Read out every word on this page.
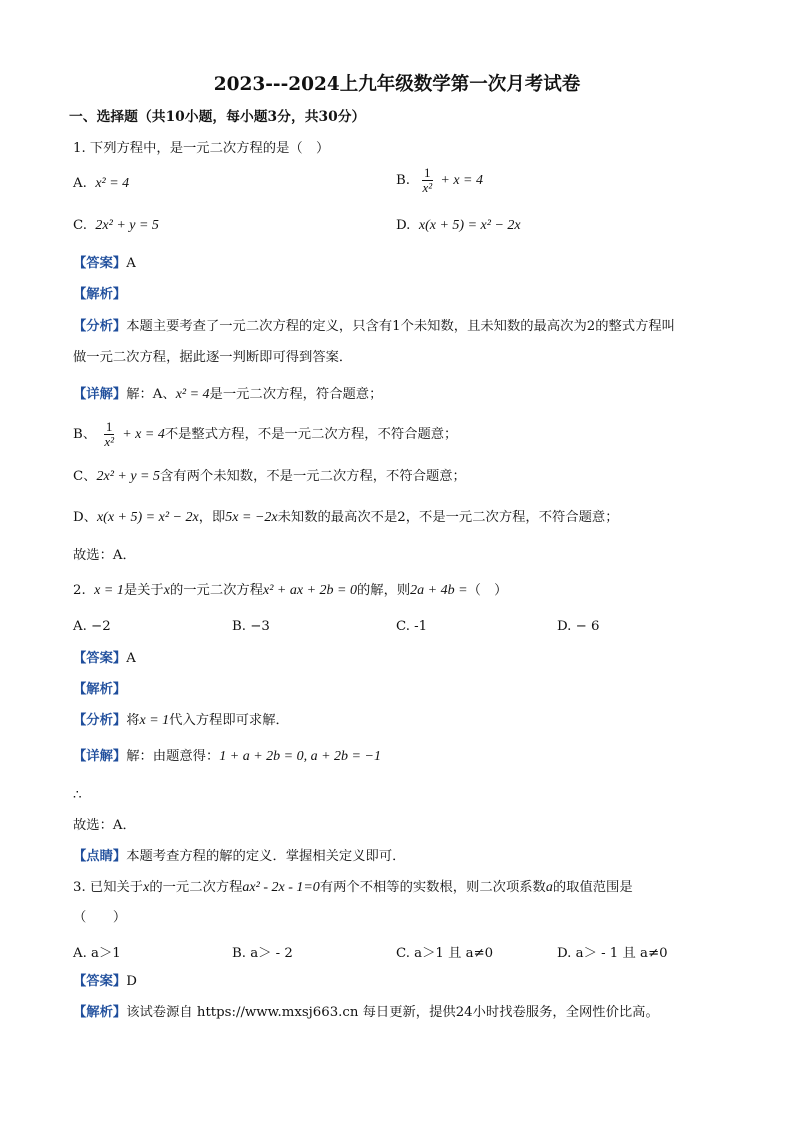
2023---2024上九年级数学第一次月考试卷
一、选择题（共10小题，每小题3分，共30分）
1. 下列方程中，是一元二次方程的是（　）
A. x² = 4	B. $\frac{1}{\text{x²}} + x = 4$
C. 2x² + y = 5	D. x(x + 5) = x² − 2x
【答案】A
【解析】
【分析】本题主要考查了一元二次方程的定义，只含有1个未知数，且未知数的最高次为2的整式方程叫
做一元二次方程，据此逐一判断即可得到答案．
【详解】解：A、x² = 4是一元二次方程，符合题意；
B、 $\frac{1}{\text{x²}} + x = 4$不是整式方程，不是一元二次方程，不符合题意；
C、2x² + y = 5含有两个未知数，不是一元二次方程，不符合题意；
D、x(x + 5) = x² − 2x，即5x = −2x未知数的最高次不是2，不是一元二次方程，不符合题意；
故选：A．
2. x = 1是关于x的一元二次方程x² + ax + 2b = 0的解，则2a + 4b =（　）
A. −2	B. −3	C. -1	D. − 6
【答案】A
【解析】
【分析】将x = 1代入方程即可求解．
【详解】解：由题意得：1 + a + 2b = 0, a + 2b = −1
∴
故选：A．
【点睛】本题考查方程的解的定义．掌握相关定义即可．
3. 已知关于x的一元二次方程ax² - 2x - 1=0有两个不相等的实数根，则二次项系数a的取值范围是
（　　）
A. a＞1	B. a＞ - 2	C. a＞1 且 a≠0	D. a＞ - 1 且 a≠0
【答案】D
【解析】该试卷源自 https://www.mxsj663.cn 每日更新，提供24小时找卷服务，全网性价比高。
